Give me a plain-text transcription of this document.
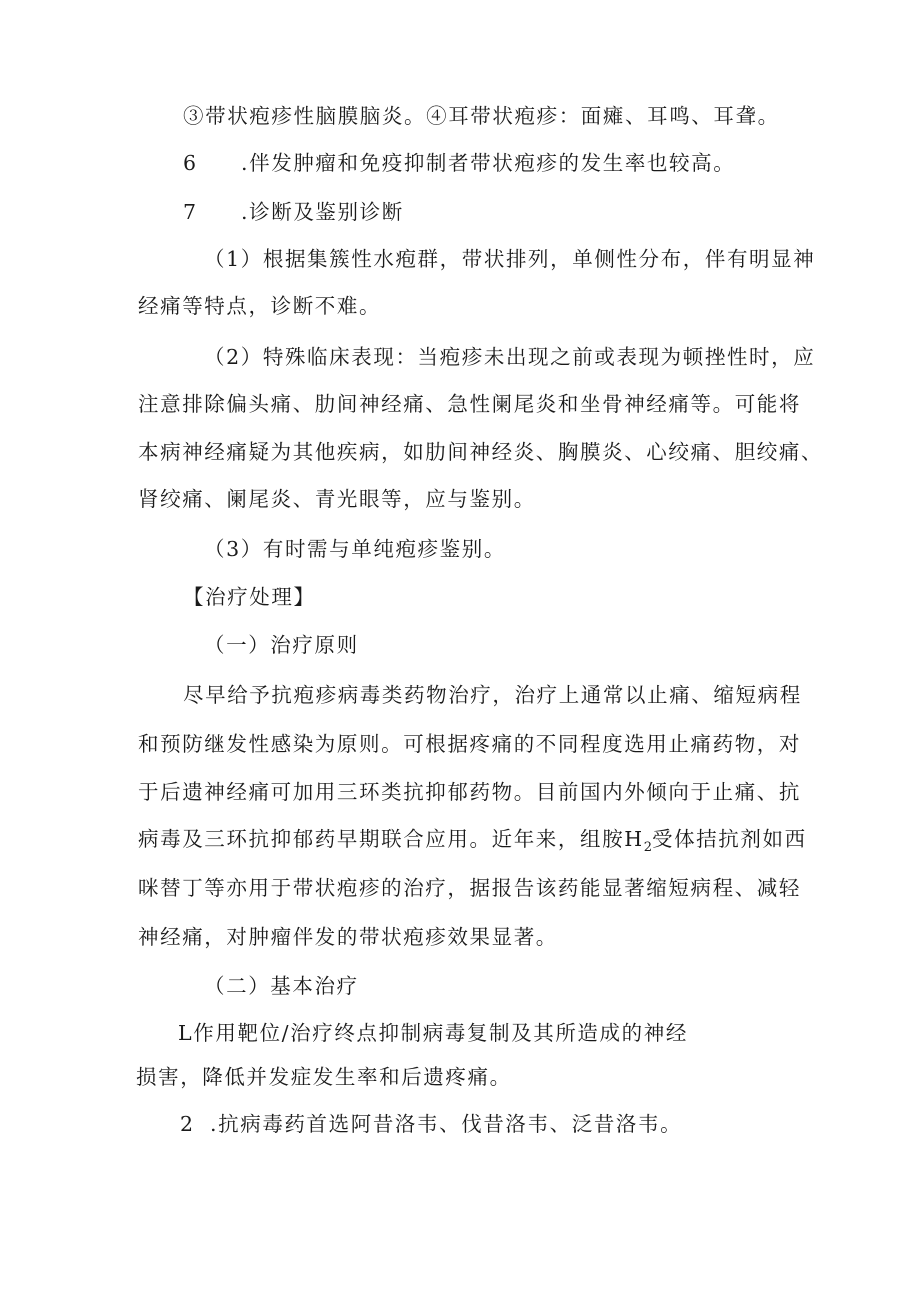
③带状疱疹性脑膜脑炎。④耳带状疱疹：面瘫、耳鸣、耳聋。
6 .伴发肿瘤和免疫抑制者带状疱疹的发生率也较高。
7 .诊断及鉴别诊断
（1）根据集簇性水疱群，带状排列，单侧性分布，伴有明显神
经痛等特点，诊断不难。
（2）特殊临床表现：当疱疹未出现之前或表现为顿挫性时，应
注意排除偏头痛、肋间神经痛、急性阑尾炎和坐骨神经痛等。可能将
本病神经痛疑为其他疾病，如肋间神经炎、胸膜炎、心绞痛、胆绞痛、
肾绞痛、阑尾炎、青光眼等，应与鉴别。
（3）有时需与单纯疱疹鉴别。
【治疗处理】
（一）治疗原则
尽早给予抗疱疹病毒类药物治疗，治疗上通常以止痛、缩短病程
和预防继发性感染为原则。可根据疼痛的不同程度选用止痛药物，对
于后遗神经痛可加用三环类抗抑郁药物。目前国内外倾向于止痛、抗
病毒及三环抗抑郁药早期联合应用。近年来，组胺$H_2$受体拮抗剂如西
咪替丁等亦用于带状疱疹的治疗，据报告该药能显著缩短病程、减轻
神经痛，对肿瘤伴发的带状疱疹效果显著。
（二）基本治疗
L作用靶位/治疗终点抑制病毒复制及其所造成的神经
损害，降低并发症发生率和后遗疼痛。
2 .抗病毒药首选阿昔洛韦、伐昔洛韦、泛昔洛韦。
